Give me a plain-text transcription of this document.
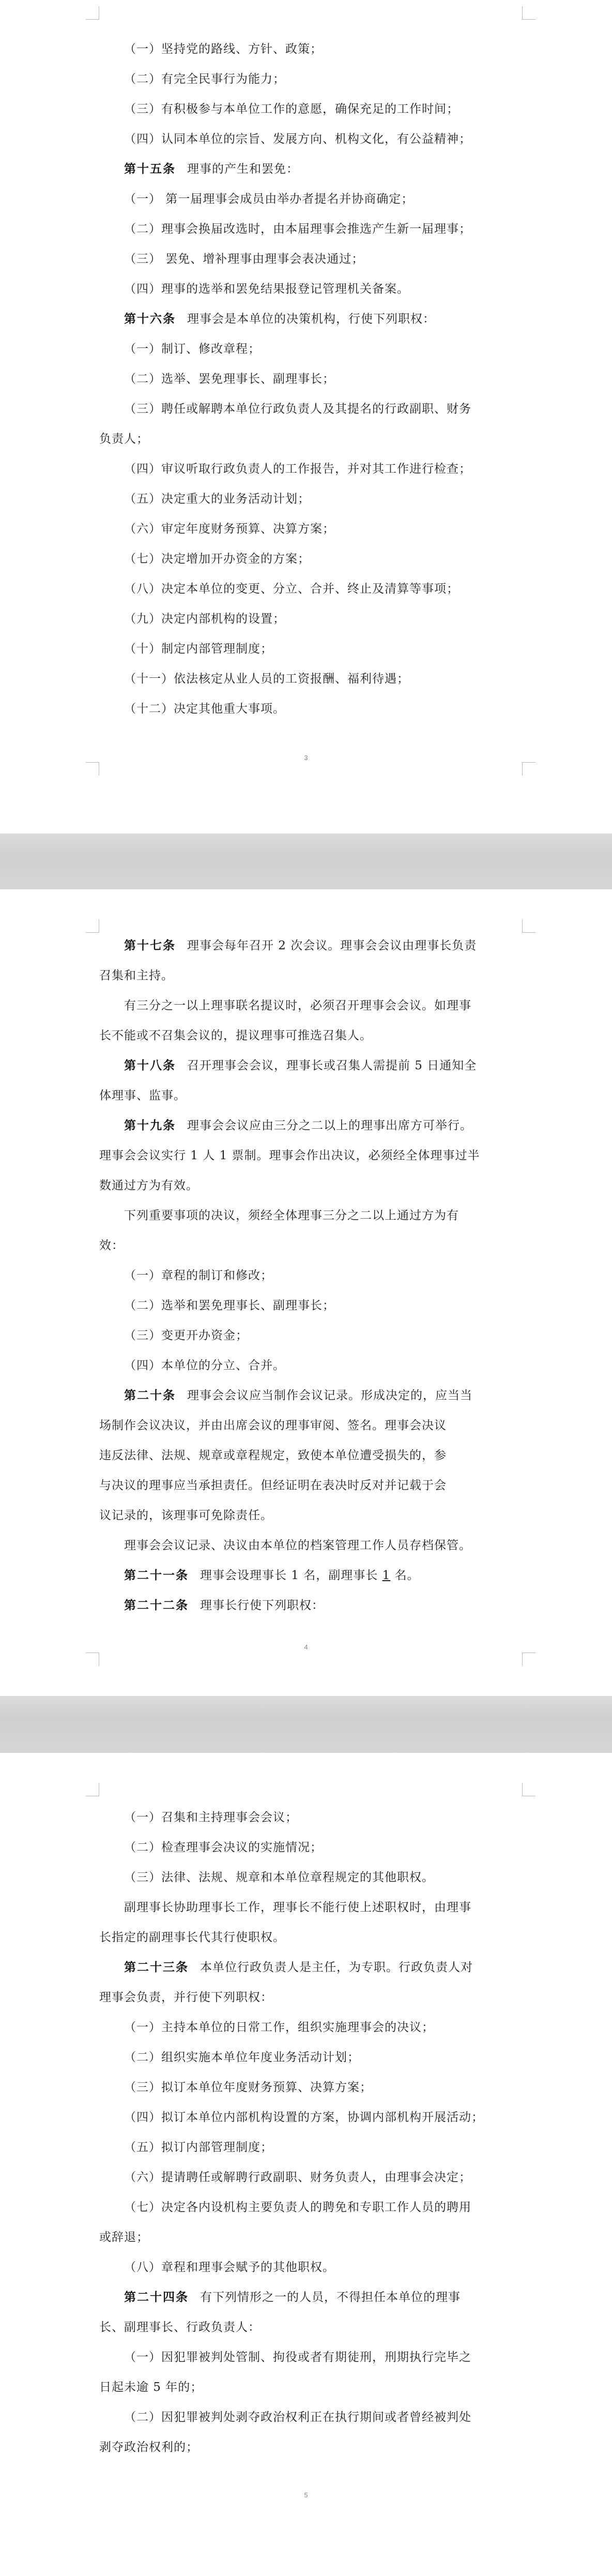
（一）坚持党的路线、方针、政策；
（二）有完全民事行为能力；
（三）有积极参与本单位工作的意愿，确保充足的工作时间；
（四）认同本单位的宗旨、发展方向、机构文化，有公益精神；
第十五条 理事的产生和罢免：
（一） 第一届理事会成员由举办者提名并协商确定；
（二）理事会换届改选时，由本届理事会推选产生新一届理事；
（三） 罢免、增补理事由理事会表决通过；
（四）理事的选举和罢免结果报登记管理机关备案。
第十六条 理事会是本单位的决策机构，行使下列职权：
（一）制订、修改章程；
（二）选举、罢免理事长、副理事长；
（三）聘任或解聘本单位行政负责人及其提名的行政副职、财务
负责人；
（四）审议听取行政负责人的工作报告，并对其工作进行检查；
（五）决定重大的业务活动计划；
（六）审定年度财务预算、决算方案；
（七）决定增加开办资金的方案；
（八）决定本单位的变更、分立、合并、终止及清算等事项；
（九）决定内部机构的设置；
（十）制定内部管理制度；
（十一）依法核定从业人员的工资报酬、福利待遇；
（十二）决定其他重大事项。
3
第十七条 理事会每年召开 2 次会议。理事会会议由理事长负责
召集和主持。
有三分之一以上理事联名提议时，必须召开理事会会议。如理事
长不能或不召集会议的，提议理事可推选召集人。
第十八条 召开理事会会议，理事长或召集人需提前 5 日通知全
体理事、监事。
第十九条 理事会会议应由三分之二以上的理事出席方可举行。
理事会会议实行 1 人 1 票制。理事会作出决议，必须经全体理事过半
数通过方为有效。
下列重要事项的决议，须经全体理事三分之二以上通过方为有
效：
（一）章程的制订和修改；
（二）选举和罢免理事长、副理事长；
（三）变更开办资金；
（四）本单位的分立、合并。
第二十条 理事会会议应当制作会议记录。形成决定的，应当当
场制作会议决议，并由出席会议的理事审阅、签名。理事会决议
违反法律、法规、规章或章程规定，致使本单位遭受损失的，参
与决议的理事应当承担责任。但经证明在表决时反对并记载于会
议记录的，该理事可免除责任。
理事会会议记录、决议由本单位的档案管理工作人员存档保管。
第二十一条 理事会设理事长 1 名，副理事长 1 名。
第二十二条 理事长行使下列职权：
4
（一）召集和主持理事会会议；
（二）检查理事会决议的实施情况；
（三）法律、法规、规章和本单位章程规定的其他职权。
副理事长协助理事长工作，理事长不能行使上述职权时，由理事
长指定的副理事长代其行使职权。
第二十三条 本单位行政负责人是主任，为专职。行政负责人对
理事会负责，并行使下列职权：
（一）主持本单位的日常工作，组织实施理事会的决议；
（二）组织实施本单位年度业务活动计划；
（三）拟订本单位年度财务预算、决算方案；
（四）拟订本单位内部机构设置的方案，协调内部机构开展活动；
（五）拟订内部管理制度；
（六）提请聘任或解聘行政副职、财务负责人，由理事会决定；
（七）决定各内设机构主要负责人的聘免和专职工作人员的聘用
或辞退；
（八）章程和理事会赋予的其他职权。
第二十四条 有下列情形之一的人员，不得担任本单位的理事
长、副理事长、行政负责人：
（一）因犯罪被判处管制、拘役或者有期徒刑，刑期执行完毕之
日起未逾 5 年的；
（二）因犯罪被判处剥夺政治权利正在执行期间或者曾经被判处
剥夺政治权利的；
5
